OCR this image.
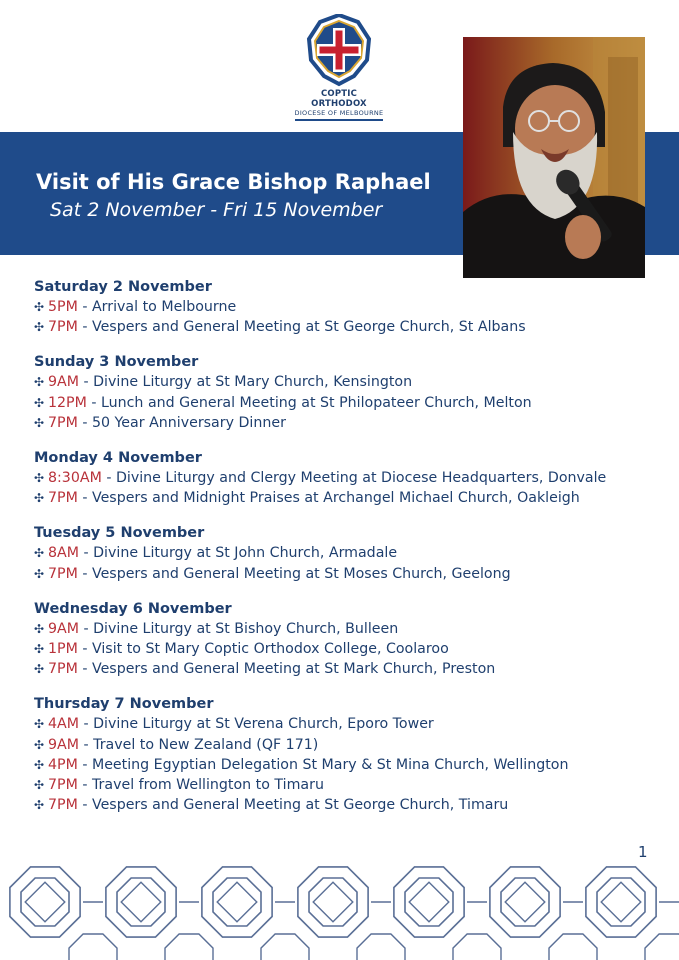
COPTIC ORTHODOX
DIOCESE OF MELBOURNE
Visit of His Grace Bishop Raphael
Sat 2 November - Fri 15 November
Saturday 2 November
✣ 5PM - Arrival to Melbourne
✣ 7PM - Vespers and General Meeting at St George Church, St Albans
Sunday 3 November
✣ 9AM - Divine Liturgy at St Mary Church, Kensington
✣ 12PM - Lunch and General Meeting at St Philopateer Church, Melton
✣ 7PM - 50 Year Anniversary Dinner
Monday 4 November
✣ 8:30AM - Divine Liturgy and Clergy Meeting at Diocese Headquarters, Donvale
✣ 7PM - Vespers and Midnight Praises at Archangel Michael Church, Oakleigh
Tuesday 5 November
✣ 8AM - Divine Liturgy at St John Church, Armadale
✣ 7PM - Vespers and General Meeting at St Moses Church, Geelong
Wednesday 6 November
✣ 9AM - Divine Liturgy at St Bishoy Church, Bulleen
✣ 1PM - Visit to St Mary Coptic Orthodox College, Coolaroo
✣ 7PM - Vespers and General Meeting at St Mark Church, Preston
Thursday 7 November
✣ 4AM - Divine Liturgy at St Verena Church, Eporo Tower
✣ 9AM - Travel to New Zealand (QF 171)
✣ 4PM - Meeting Egyptian Delegation St Mary & St Mina Church, Wellington
✣ 7PM - Travel from Wellington to Timaru
✣ 7PM - Vespers and General Meeting at St George Church, Timaru
1
